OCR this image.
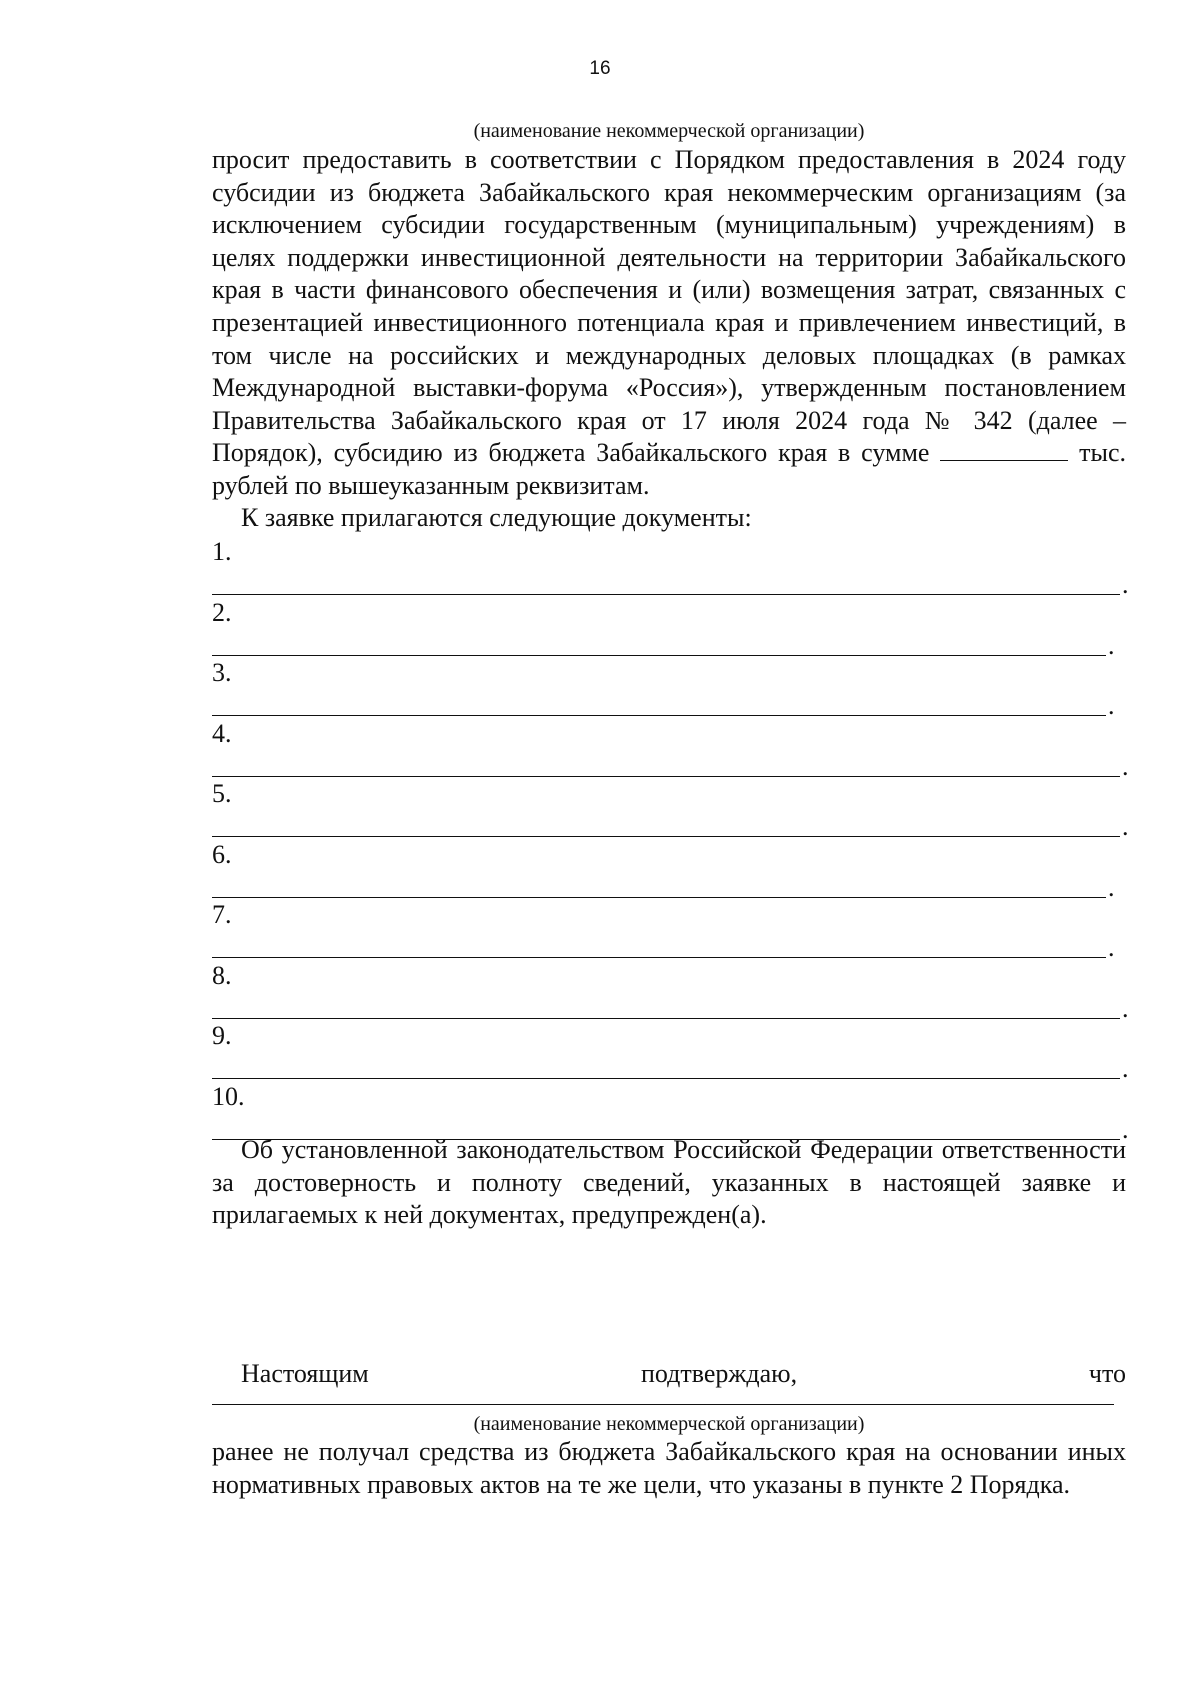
16
(наименование некоммерческой организации)

просит предоставить в соответствии с Порядком предоставления в 2024 году субсидии из бюджета Забайкальского края некоммерческим организациям (за исключением субсидии государственным (муниципальным) учреждениям) в целях поддержки инвестиционной деятельности на территории Забайкальского края в части финансового обеспечения и (или) возмещения затрат, связанных с презентацией инвестиционного потенциала края и привлечением инвестиций, в том числе на российских и международных деловых площадках (в рамках Международной выставки-форума «Россия»), утвержденным постановлением Правительства Забайкальского края от 17 июля 2024 года № 342 (далее – Порядок), субсидию из бюджета Забайкальского края в сумме	тыс. рублей по вышеуказанным реквизитам.

К заявке прилагаются следующие документы:

1.
.
2.
.
3.
.
4.
.
5.
.
6.
.
7.
.
8.
.
9.
.
10.
.

Об установленной законодательством Российской Федерации ответственности за достоверность и полноту сведений, указанных в настоящей заявке и прилагаемых к ней документах, предупрежден(а).

Настоящим	подтверждаю,	что
(наименование некоммерческой организации)

ранее не получал средства из бюджета Забайкальского края на основании иных нормативных правовых актов на те же цели, что указаны в пункте 2 Порядка.
